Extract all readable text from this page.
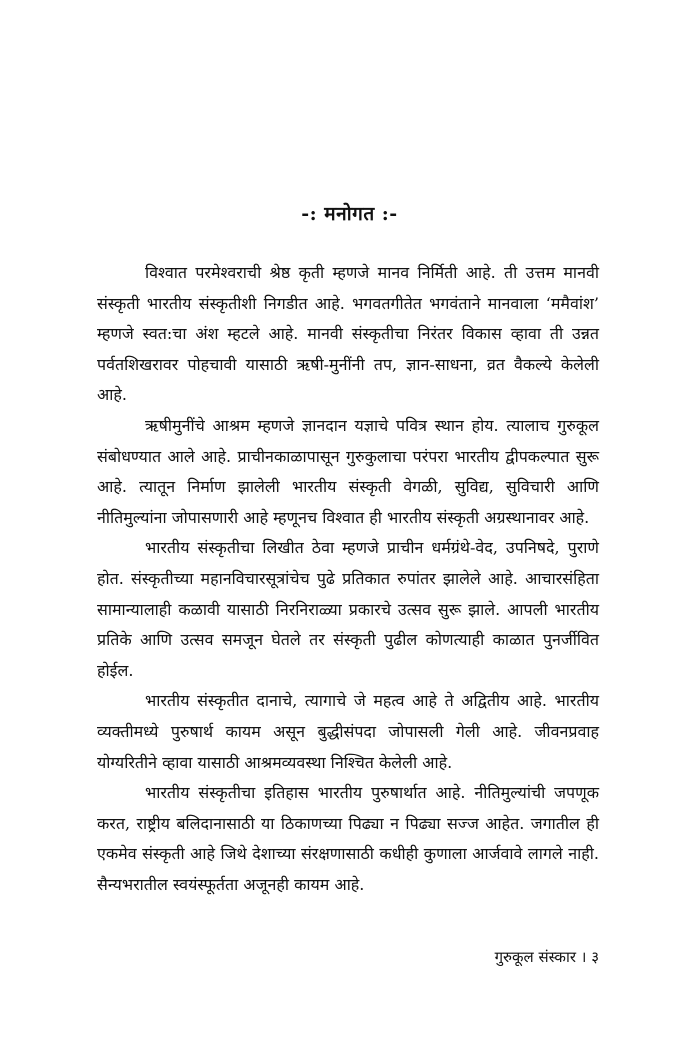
-: मनोगत :-

विश्वात परमेश्वराची श्रेष्ठ कृती म्हणजे मानव निर्मिती आहे. ती उत्तम मानवी संस्कृती भारतीय संस्कृतीशी निगडीत आहे. भगवतगीतेत भगवंताने मानवाला ‘ममैवांश’ म्हणजे स्वत:चा अंश म्हटले आहे. मानवी संस्कृतीचा निरंतर विकास व्हावा ती उन्नत पर्वतशिखरावर पोहचावी यासाठी ऋषी-मुनींनी तप, ज्ञान-साधना, व्रत वैकल्ये केलेली आहे.

ऋषीमुनींचे आश्रम म्हणजे ज्ञानदान यज्ञाचे पवित्र स्थान होय. त्यालाच गुरुकूल संबोधण्यात आले आहे. प्राचीनकाळापासून गुरुकुलाचा परंपरा भारतीय द्वीपकल्पात सुरू आहे. त्यातून निर्माण झालेली भारतीय संस्कृती वेगळी, सुविद्य, सुविचारी आणि नीतिमुल्यांना जोपासणारी आहे म्हणूनच विश्वात ही भारतीय संस्कृती अग्रस्थानावर आहे.

भारतीय संस्कृतीचा लिखीत ठेवा म्हणजे प्राचीन धर्मग्रंथे-वेद, उपनिषदे, पुराणे होत. संस्कृतीच्या महानविचारसूत्रांचेच पुढे प्रतिकात रुपांतर झालेले आहे. आचारसंहिता सामान्यालाही कळावी यासाठी निरनिराळ्या प्रकारचे उत्सव सुरू झाले. आपली भारतीय प्रतिके आणि उत्सव समजून घेतले तर संस्कृती पुढील कोणत्याही काळात पुनर्जीवित होईल.

भारतीय संस्कृतीत दानाचे, त्यागाचे जे महत्व आहे ते अद्वितीय आहे. भारतीय व्यक्तीमध्ये पुरुषार्थ कायम असून बुद्धीसंपदा जोपासली गेली आहे. जीवनप्रवाह योग्यरितीने व्हावा यासाठी आश्रमव्यवस्था निश्चित केलेली आहे.

भारतीय संस्कृतीचा इतिहास भारतीय पुरुषार्थात आहे. नीतिमुल्यांची जपणूक करत, राष्ट्रीय बलिदानासाठी या ठिकाणच्या पिढ्या न पिढ्या सज्ज आहेत. जगातील ही एकमेव संस्कृती आहे जिथे देशाच्या संरक्षणासाठी कधीही कुणाला आर्जवावे लागले नाही. सैन्यभरातील स्वयंस्फूर्तता अजूनही कायम आहे.

गुरुकूल संस्कार । ३
